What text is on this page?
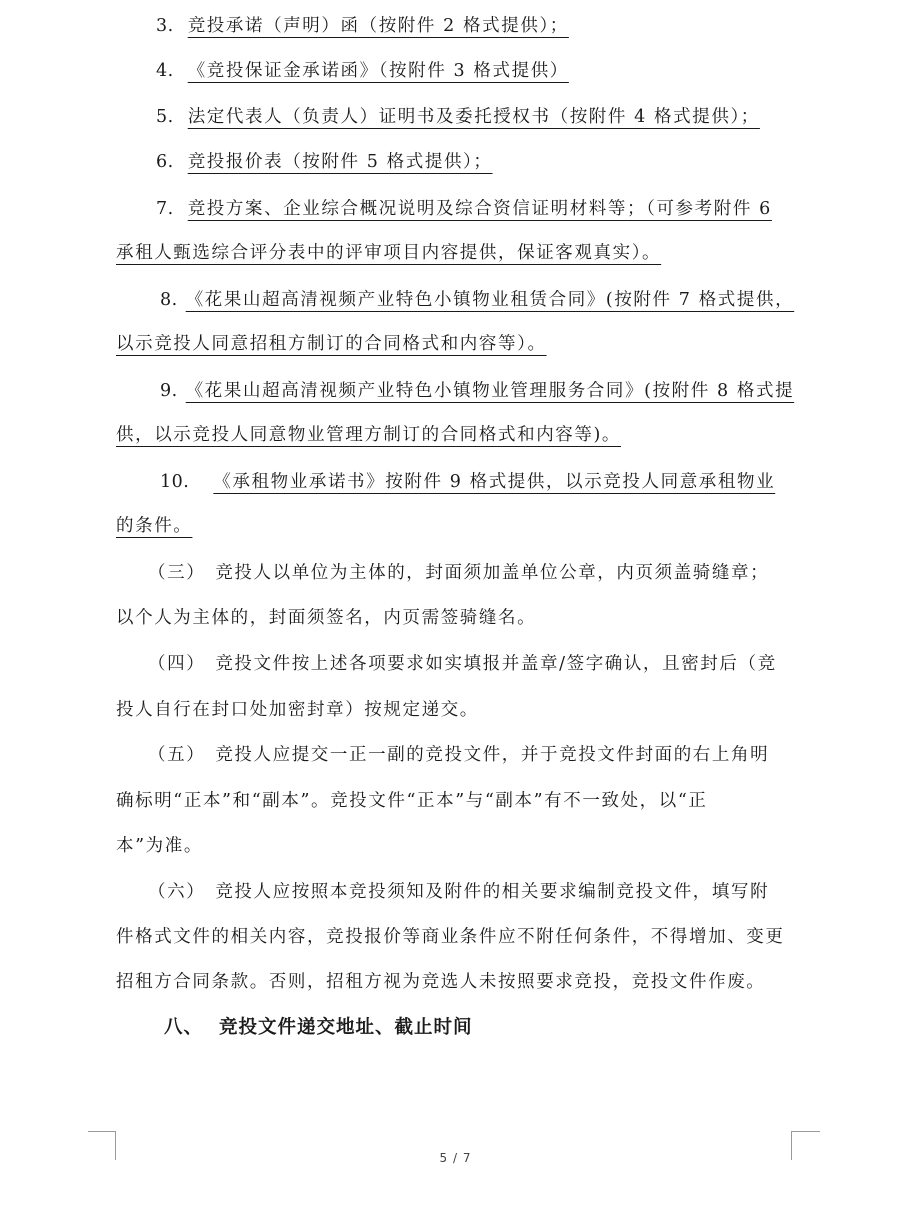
3. 竞投承诺（声明）函（按附件 2 格式提供）；
4. 《竞投保证金承诺函》（按附件 3 格式提供）
5. 法定代表人（负责人）证明书及委托授权书（按附件 4 格式提供）；
6. 竞投报价表（按附件 5 格式提供）；
7. 竞投方案、企业综合概况说明及综合资信证明材料等；（可参考附件 6
承租人甄选综合评分表中的评审项目内容提供，保证客观真实）。
8. 《花果山超高清视频产业特色小镇物业租赁合同》(按附件 7 格式提供，
以示竞投人同意招租方制订的合同格式和内容等）。
9. 《花果山超高清视频产业特色小镇物业管理服务合同》(按附件 8 格式提
供，以示竞投人同意物业管理方制订的合同格式和内容等)。
10. 《承租物业承诺书》按附件 9 格式提供，以示竞投人同意承租物业
的条件。
（三） 竞投人以单位为主体的，封面须加盖单位公章，内页须盖骑缝章；
以个人为主体的，封面须签名，内页需签骑缝名。
（四） 竞投文件按上述各项要求如实填报并盖章/签字确认，且密封后（竞
投人自行在封口处加密封章）按规定递交。
（五） 竞投人应提交一正一副的竞投文件，并于竞投文件封面的右上角明
确标明“正本”和“副本”。竞投文件“正本”与“副本”有不一致处，以“正
本”为准。
（六） 竞投人应按照本竞投须知及附件的相关要求编制竞投文件，填写附
件格式文件的相关内容，竞投报价等商业条件应不附任何条件，不得增加、变更
招租方合同条款。否则，招租方视为竞选人未按照要求竞投，竞投文件作废。
八、 竞投文件递交地址、截止时间
5 / 7
